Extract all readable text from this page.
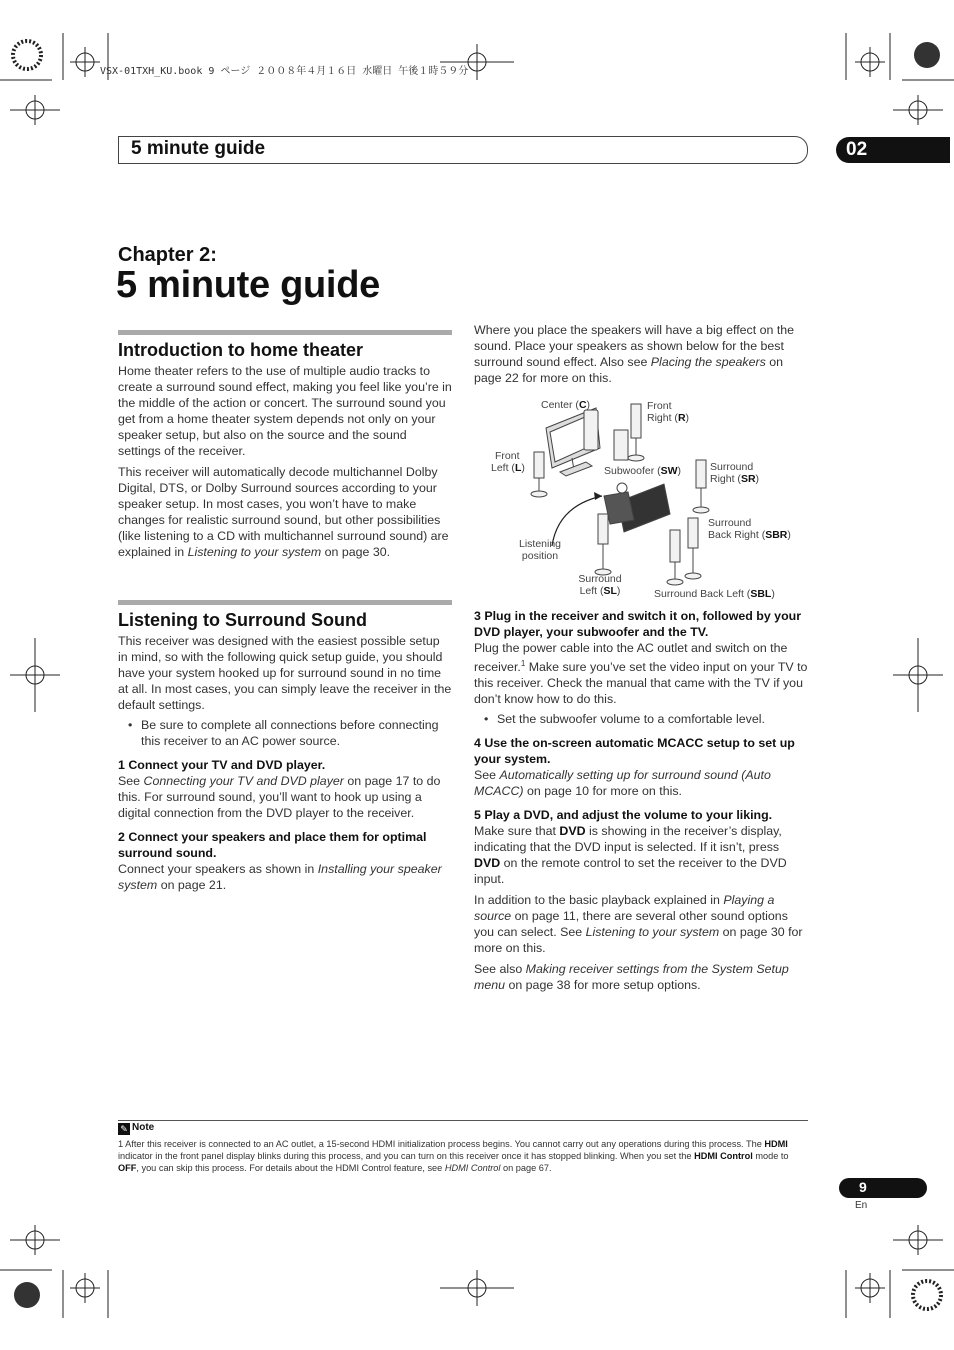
VSX-01TXH_KU.book 9 ページ ２００８年４月１６日 水曜日 午後１時５９分
5 minute guide	02
Chapter 2:
5 minute guide
Introduction to home theater

Home theater refers to the use of multiple audio tracks to create a surround sound effect, making you feel like you’re in the middle of the action or concert. The surround sound you get from a home theater system depends not only on your speaker setup, but also on the source and the sound settings of the receiver.

This receiver will automatically decode multichannel Dolby Digital, DTS, or Dolby Surround sources according to your speaker setup. In most cases, you won’t have to make changes for realistic surround sound, but other possibilities (like listening to a CD with multichannel surround sound) are explained in Listening to your system on page 30.

Listening to Surround Sound

This receiver was designed with the easiest possible setup in mind, so with the following quick setup guide, you should have your system hooked up for surround sound in no time at all. In most cases, you can simply leave the receiver in the default settings.

• Be sure to complete all connections before connecting this receiver to an AC power source.

1 Connect your TV and DVD player.

See Connecting your TV and DVD player on page 17 to do this. For surround sound, you’ll want to hook up using a digital connection from the DVD player to the receiver.

2 Connect your speakers and place them for optimal surround sound.

Connect your speakers as shown in Installing your speaker system on page 21.

Where you place the speakers will have a big effect on the sound. Place your speakers as shown below for the best surround sound effect. Also see Placing the speakers on page 22 for more on this.

Center (C)	Front
Right (R)
Front
Left (L)	Subwoofer (SW)	Surround
Right (SR)
Surround
Back Right (SBR)
Listening
position
Surround
Left (SL)	Surround Back Left (SBL)

3 Plug in the receiver and switch it on, followed by your DVD player, your subwoofer and the TV.

Plug the power cable into the AC outlet and switch on the receiver.$^1$ Make sure you’ve set the video input on your TV to this receiver. Check the manual that came with the TV if you don’t know how to do this.

• Set the subwoofer volume to a comfortable level.

4 Use the on-screen automatic MCACC setup to set up your system.

See Automatically setting up for surround sound (Auto MCACC) on page 10 for more on this.

5 Play a DVD, and adjust the volume to your liking.

Make sure that DVD is showing in the receiver’s display, indicating that the DVD input is selected. If it isn’t, press DVD on the remote control to set the receiver to the DVD input.

In addition to the basic playback explained in Playing a source on page 11, there are several other sound options you can select. See Listening to your system on page 30 for more on this.

See also Making receiver settings from the System Setup menu on page 38 for more setup options.

✎ Note
1 After this receiver is connected to an AC outlet, a 15-second HDMI initialization process begins. You cannot carry out any operations during this process. The HDMI indicator in the front panel display blinks during this process, and you can turn on this receiver once it has stopped blinking. When you set the HDMI Control mode to OFF, you can skip this process. For details about the HDMI Control feature, see HDMI Control on page 67.
9
En
